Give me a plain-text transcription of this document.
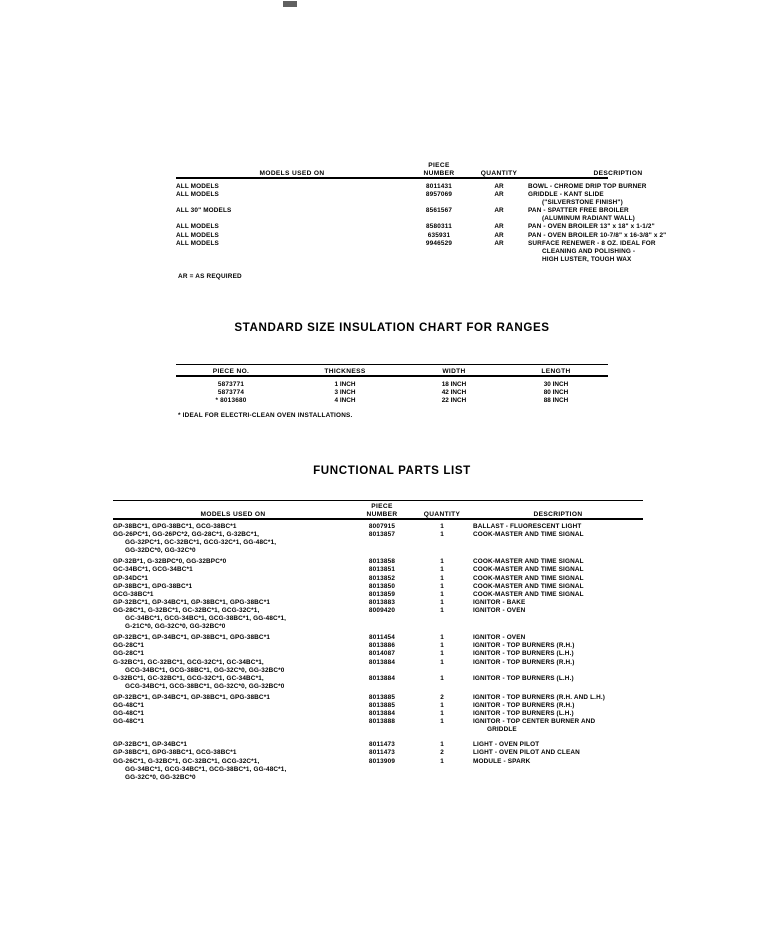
	PIECE		
MODELS USED ON	NUMBER	QUANTITY	DESCRIPTION
ALL MODELS	8011431	AR	BOWL - CHROME DRIP TOP BURNER
ALL MODELS	8957069	AR	GRIDDLE - KANT SLIDE
("SILVERSTONE FINISH")

ALL 30" MODELS	8561567	AR	PAN - SPATTER FREE BROILER
(ALUMINUM RADIANT WALL)

ALL MODELS	8580311	AR	PAN - OVEN BROILER 13" x 18" x 1-1/2"
ALL MODELS	635931	AR	PAN - OVEN BROILER 10-7/8" x 16-3/8" x 2"
ALL MODELS	9946529	AR	SURFACE RENEWER - 8 OZ. IDEAL FOR
CLEANING AND POLISHING -
HIGH LUSTER, TOUGH WAX
AR = AS REQUIRED
STANDARD SIZE INSULATION CHART FOR RANGES
PIECE NO.	THICKNESS	WIDTH	LENGTH
5873771	1 INCH	18 INCH	30 INCH
5873774	3 INCH	42 INCH	80 INCH
* 8013680	4 INCH	22 INCH	88 INCH
* IDEAL FOR ELECTRI-CLEAN OVEN INSTALLATIONS.
FUNCTIONAL PARTS LIST
	PIECE		
MODELS USED ON	NUMBER	QUANTITY	DESCRIPTION
GP-38BC*1, GPG-38BC*1, GCG-38BC*1	8007915	1	BALLAST - FLUORESCENT LIGHT
GG-26PC*1, GG-26PC*2, GG-28C*1, G-32BC*1,
GG-32PC*1, GC-32BC*1, GCG-32C*1, GG-48C*1,
GG-32DC*0, GG-32C*0	8013857	1	COOK-MASTER AND TIME SIGNAL

GP-32B*1, G-32BPC*0, GG-32BPC*0	8013858	1	COOK-MASTER AND TIME SIGNAL
GC-34BC*1, GCG-34BC*1	8013851	1	COOK-MASTER AND TIME SIGNAL
GP-34DC*1	8013852	1	COOK-MASTER AND TIME SIGNAL
GP-38BC*1, GPG-38BC*1	8013850	1	COOK-MASTER AND TIME SIGNAL
GCG-38BC*1	8013859	1	COOK-MASTER AND TIME SIGNAL
GP-32BC*1, GP-34BC*1, GP-38BC*1, GPG-38BC*1	8013883	1	IGNITOR - BAKE
GG-28C*1, G-32BC*1, GC-32BC*1, GCG-32C*1,
GC-34BC*1, GCG-34BC*1, GCG-38BC*1, GG-48C*1,
G-21C*0, GG-32C*0, GG-32BC*0	8009420	1	IGNITOR - OVEN

GP-32BC*1, GP-34BC*1, GP-38BC*1, GPG-38BC*1	8011454	1	IGNITOR - OVEN
GG-28C*1	8013886	1	IGNITOR - TOP BURNERS (R.H.)
GG-28C*1	8014087	1	IGNITOR - TOP BURNERS (L.H.)
G-32BC*1, GC-32BC*1, GCG-32C*1, GC-34BC*1,
GCG-34BC*1, GCG-38BC*1, GG-32C*0, GG-32BC*0	8013884	1	IGNITOR - TOP BURNERS (R.H.)
G-32BC*1, GC-32BC*1, GCG-32C*1, GC-34BC*1,
GCG-34BC*1, GCG-38BC*1, GG-32C*0, GG-32BC*0	8013884	1	IGNITOR - TOP BURNERS (L.H.)

GP-32BC*1, GP-34BC*1, GP-38BC*1, GPG-38BC*1	8013885	2	IGNITOR - TOP BURNERS (R.H. AND L.H.)
GG-48C*1	8013885	1	IGNITOR - TOP BURNERS (R.H.)
GG-48C*1	8013884	1	IGNITOR - TOP BURNERS (L.H.)
GG-48C*1	8013888	1	IGNITOR - TOP CENTER BURNER AND
GRIDDLE

GP-32BC*1, GP-34BC*1	8011473	1	LIGHT - OVEN PILOT
GP-38BC*1, GPG-38BC*1, GCG-38BC*1	8011473	2	LIGHT - OVEN PILOT AND CLEAN
GG-26C*1, G-32BC*1, GC-32BC*1, GCG-32C*1,
GG-34BC*1, GCG-34BC*1, GCG-38BC*1, GG-48C*1,
GG-32C*0, GG-32BC*0	8013909	1	MODULE - SPARK
